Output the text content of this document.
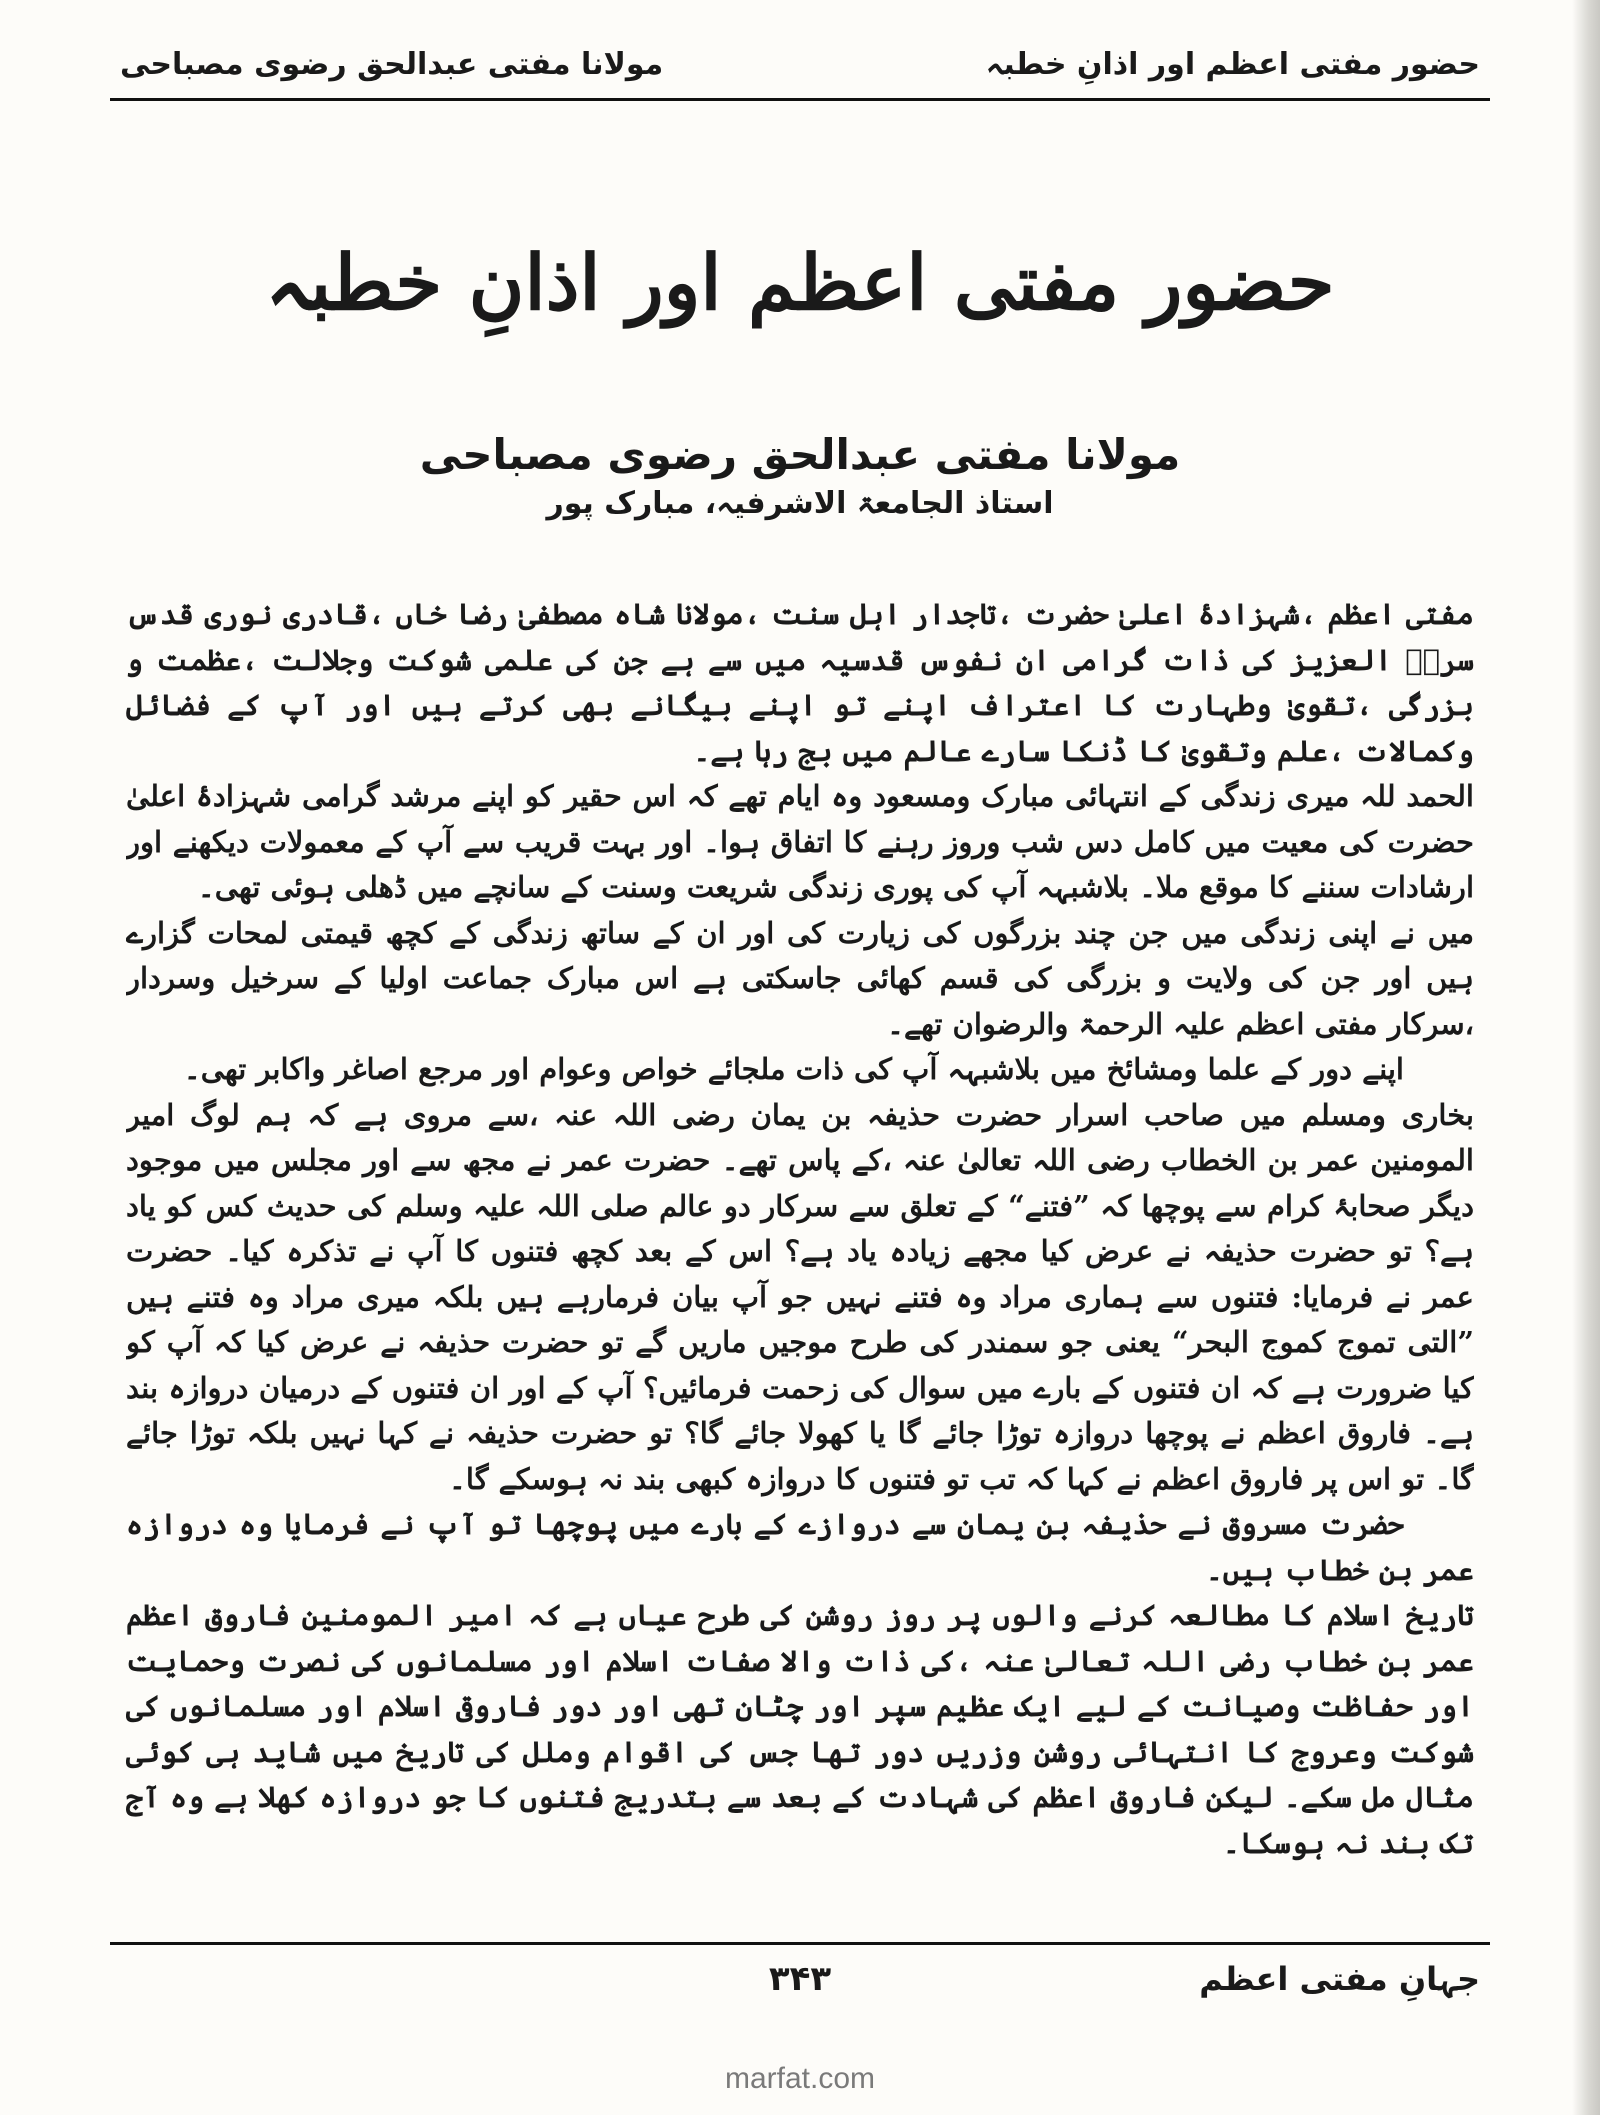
حضور مفتی اعظم اور اذانِ خطبہ
مولانا مفتی عبدالحق رضوی مصباحی
حضور مفتی اعظم اور اذانِ خطبہ
مولانا مفتی عبدالحق رضوی مصباحی
استاذ الجامعۃ الاشرفیہ، مبارک پور

مفتی اعظم ،شہزادۂ اعلیٰ حضرت ،تاجدار اہل سنت ،مولانا شاہ مصطفیٰ رضا خاں ،قادری نوری قدس سرہٗ العزیز کی ذات گرامی ان نفوس قدسیہ میں سے ہے جن کی علمی شوکت وجلالت ،عظمت و بزرگی ،تقویٰ وطہارت کا اعتراف اپنے تو اپنے بیگانے بھی کرتے ہیں اور آپ کے فضائل وکمالات ،علم وتقویٰ کا ڈنکا سارے عالم میں بج رہا ہے۔

الحمد للہ میری زندگی کے انتہائی مبارک ومسعود وہ ایام تھے کہ اس حقیر کو اپنے مرشد گرامی شہزادۂ اعلیٰ حضرت کی معیت میں کامل دس شب وروز رہنے کا اتفاق ہوا۔ اور بہت قریب سے آپ کے معمولات دیکھنے اور ارشادات سننے کا موقع ملا۔ بلاشبہہ آپ کی پوری زندگی شریعت وسنت کے سانچے میں ڈھلی ہوئی تھی۔

میں نے اپنی زندگی میں جن چند بزرگوں کی زیارت کی اور ان کے ساتھ زندگی کے کچھ قیمتی لمحات گزارے ہیں اور جن کی ولایت و بزرگی کی قسم کھائی جاسکتی ہے اس مبارک جماعت اولیا کے سرخیل وسردار ،سرکار مفتی اعظم علیہ الرحمۃ والرضوان تھے۔

اپنے دور کے علما ومشائخ میں بلاشبہہ آپ کی ذات ملجائے خواص وعوام اور مرجع اصاغر واکابر تھی۔

بخاری ومسلم میں صاحب اسرار حضرت حذیفہ بن یمان رضی اللہ عنہ ،سے مروی ہے کہ ہم لوگ امیر المومنین عمر بن الخطاب رضی اللہ تعالیٰ عنہ ،کے پاس تھے۔ حضرت عمر نے مجھ سے اور مجلس میں موجود دیگر صحابۂ کرام سے پوچھا کہ ”فتنے“ کے تعلق سے سرکار دو عالم صلی اللہ علیہ وسلم کی حدیث کس کو یاد ہے؟ تو حضرت حذیفہ نے عرض کیا مجھے زیادہ یاد ہے؟ اس کے بعد کچھ فتنوں کا آپ نے تذکرہ کیا۔ حضرت عمر نے فرمایا: فتنوں سے ہماری مراد وہ فتنے نہیں جو آپ بیان فرمارہے ہیں بلکہ میری مراد وہ فتنے ہیں ”التی تموج کموج البحر“ یعنی جو سمندر کی طرح موجیں ماریں گے تو حضرت حذیفہ نے عرض کیا کہ آپ کو کیا ضرورت ہے کہ ان فتنوں کے بارے میں سوال کی زحمت فرمائیں؟ آپ کے اور ان فتنوں کے درمیان دروازہ بند ہے۔ فاروق اعظم نے پوچھا دروازہ توڑا جائے گا یا کھولا جائے گا؟ تو حضرت حذیفہ نے کہا نہیں بلکہ توڑا جائے گا۔ تو اس پر فاروق اعظم نے کہا کہ تب تو فتنوں کا دروازہ کبھی بند نہ ہوسکے گا۔

حضرت مسروق نے حذیفہ بن یمان سے دروازے کے بارے میں پوچھا تو آپ نے فرمایا وہ دروازہ عمر بن خطاب ہیں۔

تاریخ اسلام کا مطالعہ کرنے والوں پر روز روشن کی طرح عیاں ہے کہ امیر المومنین فاروق اعظم عمر بن خطاب رضی اللہ تعالیٰ عنہ ،کی ذات والا صفات اسلام اور مسلمانوں کی نصرت وحمایت اور حفاظت وصیانت کے لیے ایک عظیم سپر اور چٹان تھی اور دور فاروقی اسلام اور مسلمانوں کی شوکت وعروج کا انتہائی روشن وزریں دور تھا جس کی اقوام وملل کی تاریخ میں شاید ہی کوئی مثال مل سکے۔ لیکن فاروق اعظم کی شہادت کے بعد سے بتدریج فتنوں کا جو دروازہ کھلا ہے وہ آج تک بند نہ ہوسکا۔

جہانِ مفتی اعظم
۳۴۳
marfat.com
